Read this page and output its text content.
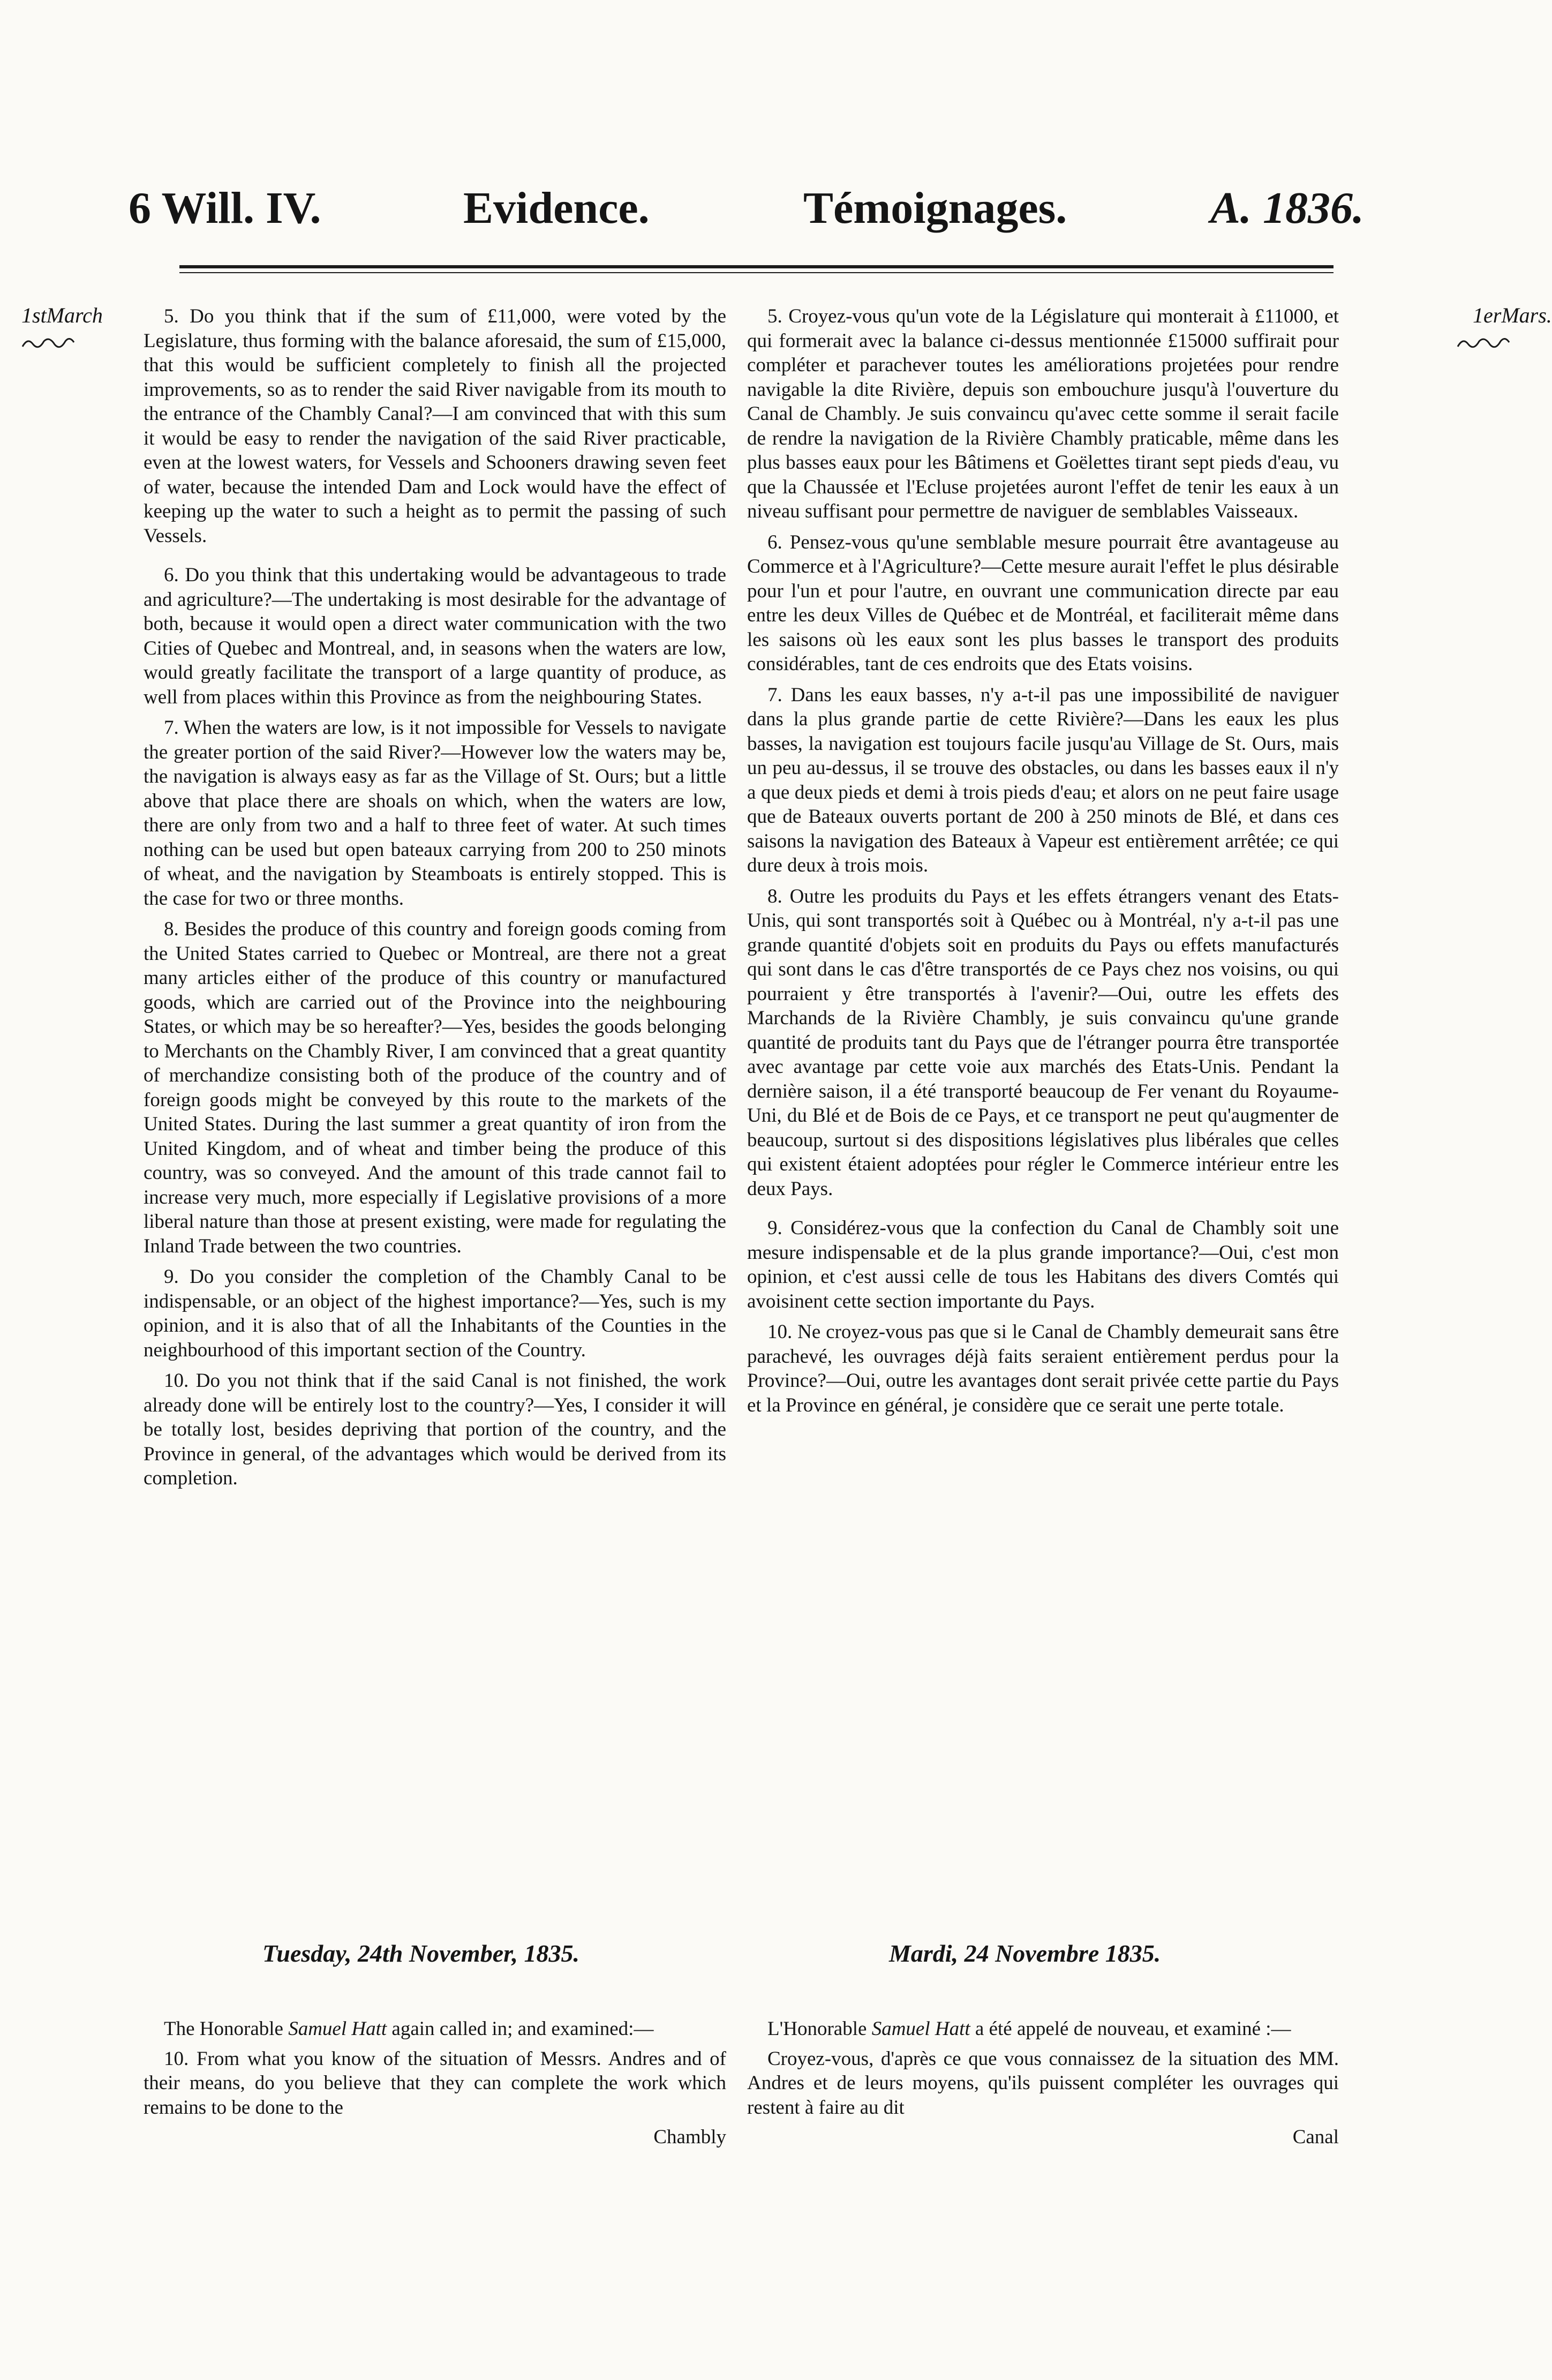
6 Will. IV.	Evidence.	Témoignages.	A. 1836.
1stMarch	1erMars.

5. Do you think that if the sum of £11,000, were voted by the Legislature, thus forming with the balance aforesaid, the sum of £15,000, that this would be sufficient completely to finish all the projected improvements, so as to render the said River navigable from its mouth to the entrance of the Chambly Canal?—I am convinced that with this sum it would be easy to render the navigation of the said River practicable, even at the lowest waters, for Vessels and Schooners drawing seven feet of water, because the intended Dam and Lock would have the effect of keeping up the water to such a height as to permit the passing of such Vessels.

6. Do you think that this undertaking would be advantageous to trade and agriculture?—The undertaking is most desirable for the advantage of both, because it would open a direct water communication with the two Cities of Quebec and Montreal, and, in seasons when the waters are low, would greatly facilitate the transport of a large quantity of produce, as well from places within this Province as from the neighbouring States.

7. When the waters are low, is it not impossible for Vessels to navigate the greater portion of the said River?—However low the waters may be, the navigation is always easy as far as the Village of St. Ours; but a little above that place there are shoals on which, when the waters are low, there are only from two and a half to three feet of water. At such times nothing can be used but open bateaux carrying from 200 to 250 minots of wheat, and the navigation by Steamboats is entirely stopped. This is the case for two or three months.

8. Besides the produce of this country and foreign goods coming from the United States carried to Quebec or Montreal, are there not a great many articles either of the produce of this country or manufactured goods, which are carried out of the Province into the neighbouring States, or which may be so hereafter?—Yes, besides the goods belonging to Merchants on the Chambly River, I am convinced that a great quantity of merchandize consisting both of the produce of the country and of foreign goods might be conveyed by this route to the markets of the United States. During the last summer a great quantity of iron from the United Kingdom, and of wheat and timber being the produce of this country, was so conveyed. And the amount of this trade cannot fail to increase very much, more especially if Legislative provisions of a more liberal nature than those at present existing, were made for regulating the Inland Trade between the two countries.

9. Do you consider the completion of the Chambly Canal to be indispensable, or an object of the highest importance?—Yes, such is my opinion, and it is also that of all the Inhabitants of the Counties in the neighbourhood of this important section of the Country.

10. Do you not think that if the said Canal is not finished, the work already done will be entirely lost to the country?—Yes, I consider it will be totally lost, besides depriving that portion of the country, and the Province in general, of the advantages which would be derived from its completion.

5. Croyez-vous qu'un vote de la Législature qui monterait à £11000, et qui formerait avec la balance ci-dessus mentionnée £15000 suffirait pour compléter et parachever toutes les améliorations projetées pour rendre navigable la dite Rivière, depuis son embouchure jusqu'à l'ouverture du Canal de Chambly. Je suis convaincu qu'avec cette somme il serait facile de rendre la navigation de la Rivière Chambly praticable, même dans les plus basses eaux pour les Bâtimens et Goëlettes tirant sept pieds d'eau, vu que la Chaussée et l'Ecluse projetées auront l'effet de tenir les eaux à un niveau suffisant pour permettre de naviguer de semblables Vaisseaux.

6. Pensez-vous qu'une semblable mesure pourrait être avantageuse au Commerce et à l'Agriculture?—Cette mesure aurait l'effet le plus désirable pour l'un et pour l'autre, en ouvrant une communication directe par eau entre les deux Villes de Québec et de Montréal, et faciliterait même dans les saisons où les eaux sont les plus basses le transport des produits considérables, tant de ces endroits que des Etats voisins.

7. Dans les eaux basses, n'y a-t-il pas une impossibilité de naviguer dans la plus grande partie de cette Rivière?—Dans les eaux les plus basses, la navigation est toujours facile jusqu'au Village de St. Ours, mais un peu au-dessus, il se trouve des obstacles, ou dans les basses eaux il n'y a que deux pieds et demi à trois pieds d'eau; et alors on ne peut faire usage que de Bateaux ouverts portant de 200 à 250 minots de Blé, et dans ces saisons la navigation des Bateaux à Vapeur est entièrement arrêtée; ce qui dure deux à trois mois.

8. Outre les produits du Pays et les effets étrangers venant des Etats-Unis, qui sont transportés soit à Québec ou à Montréal, n'y a-t-il pas une grande quantité d'objets soit en produits du Pays ou effets manufacturés qui sont dans le cas d'être transportés de ce Pays chez nos voisins, ou qui pourraient y être transportés à l'avenir?—Oui, outre les effets des Marchands de la Rivière Chambly, je suis convaincu qu'une grande quantité de produits tant du Pays que de l'étranger pourra être transportée avec avantage par cette voie aux marchés des Etats-Unis. Pendant la dernière saison, il a été transporté beaucoup de Fer venant du Royaume-Uni, du Blé et de Bois de ce Pays, et ce transport ne peut qu'augmenter de beaucoup, surtout si des dispositions législatives plus libérales que celles qui existent étaient adoptées pour régler le Commerce intérieur entre les deux Pays.

9. Considérez-vous que la confection du Canal de Chambly soit une mesure indispensable et de la plus grande importance?—Oui, c'est mon opinion, et c'est aussi celle de tous les Habitans des divers Comtés qui avoisinent cette section importante du Pays.

10. Ne croyez-vous pas que si le Canal de Chambly demeurait sans être parachevé, les ouvrages déjà faits seraient entièrement perdus pour la Province?—Oui, outre les avantages dont serait privée cette partie du Pays et la Province en général, je considère que ce serait une perte totale.

Tuesday, 24th November, 1835.	Mardi, 24 Novembre 1835.

The Honorable Samuel Hatt again called in; and examined:—

10. From what you know of the situation of Messrs. Andres and of their means, do you believe that they can complete the work which remains to be done to the

Chambly

L'Honorable Samuel Hatt a été appelé de nouveau, et examiné :—

Croyez-vous, d'après ce que vous connaissez de la situation des MM. Andres et de leurs moyens, qu'ils puissent compléter les ouvrages qui restent à faire au dit

Canal
